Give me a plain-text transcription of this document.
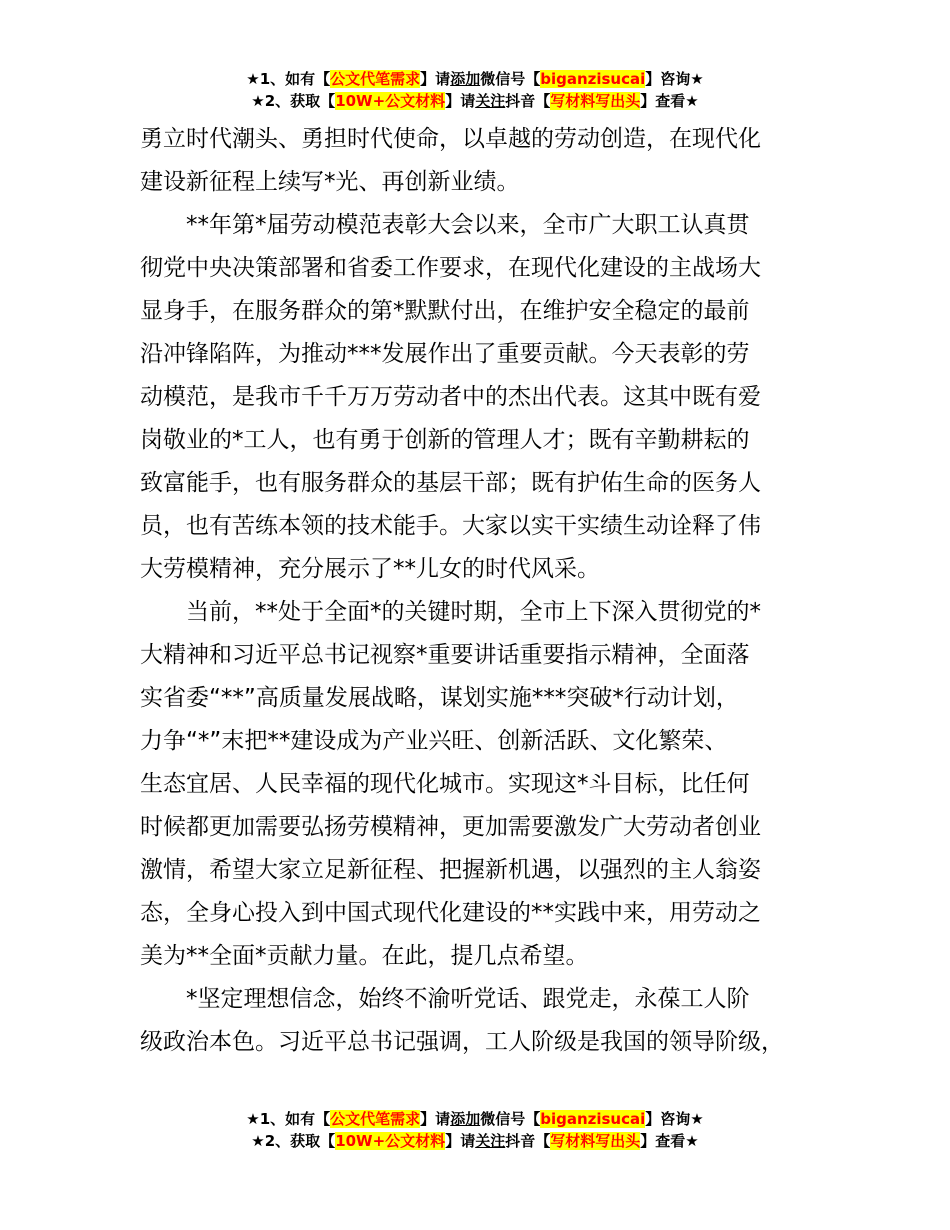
★1、如有【公文代笔需求】请添加微信号【biganzisucai】咨询★
★2、获取【10W+公文材料】请关注抖音【写材料写出头】查看★
勇立时代潮头、勇担时代使命，以卓越的劳动创造，在现代化
建设新征程上续写*光、再创新业绩。
　　**年第*届劳动模范表彰大会以来，全市广大职工认真贯
彻党中央决策部署和省委工作要求，在现代化建设的主战场大
显身手，在服务群众的第*默默付出，在维护安全稳定的最前
沿冲锋陷阵，为推动***发展作出了重要贡献。今天表彰的劳
动模范，是我市千千万万劳动者中的杰出代表。这其中既有爱
岗敬业的*工人，也有勇于创新的管理人才；既有辛勤耕耘的
致富能手，也有服务群众的基层干部；既有护佑生命的医务人
员，也有苦练本领的技术能手。大家以实干实绩生动诠释了伟
大劳模精神，充分展示了**儿女的时代风采。
　　当前，**处于全面*的关键时期，全市上下深入贯彻党的*
大精神和习近平总书记视察*重要讲话重要指示精神，全面落
实省委“**”高质量发展战略，谋划实施***突破*行动计划，
力争“*”末把**建设成为产业兴旺、创新活跃、文化繁荣、
生态宜居、人民幸福的现代化城市。实现这*斗目标，比任何
时候都更加需要弘扬劳模精神，更加需要激发广大劳动者创业
激情，希望大家立足新征程、把握新机遇，以强烈的主人翁姿
态，全身心投入到中国式现代化建设的**实践中来，用劳动之
美为**全面*贡献力量。在此，提几点希望。
　　*坚定理想信念，始终不渝听党话、跟党走，永葆工人阶
级政治本色。习近平总书记强调，工人阶级是我国的领导阶级，
★1、如有【公文代笔需求】请添加微信号【biganzisucai】咨询★
★2、获取【10W+公文材料】请关注抖音【写材料写出头】查看★
